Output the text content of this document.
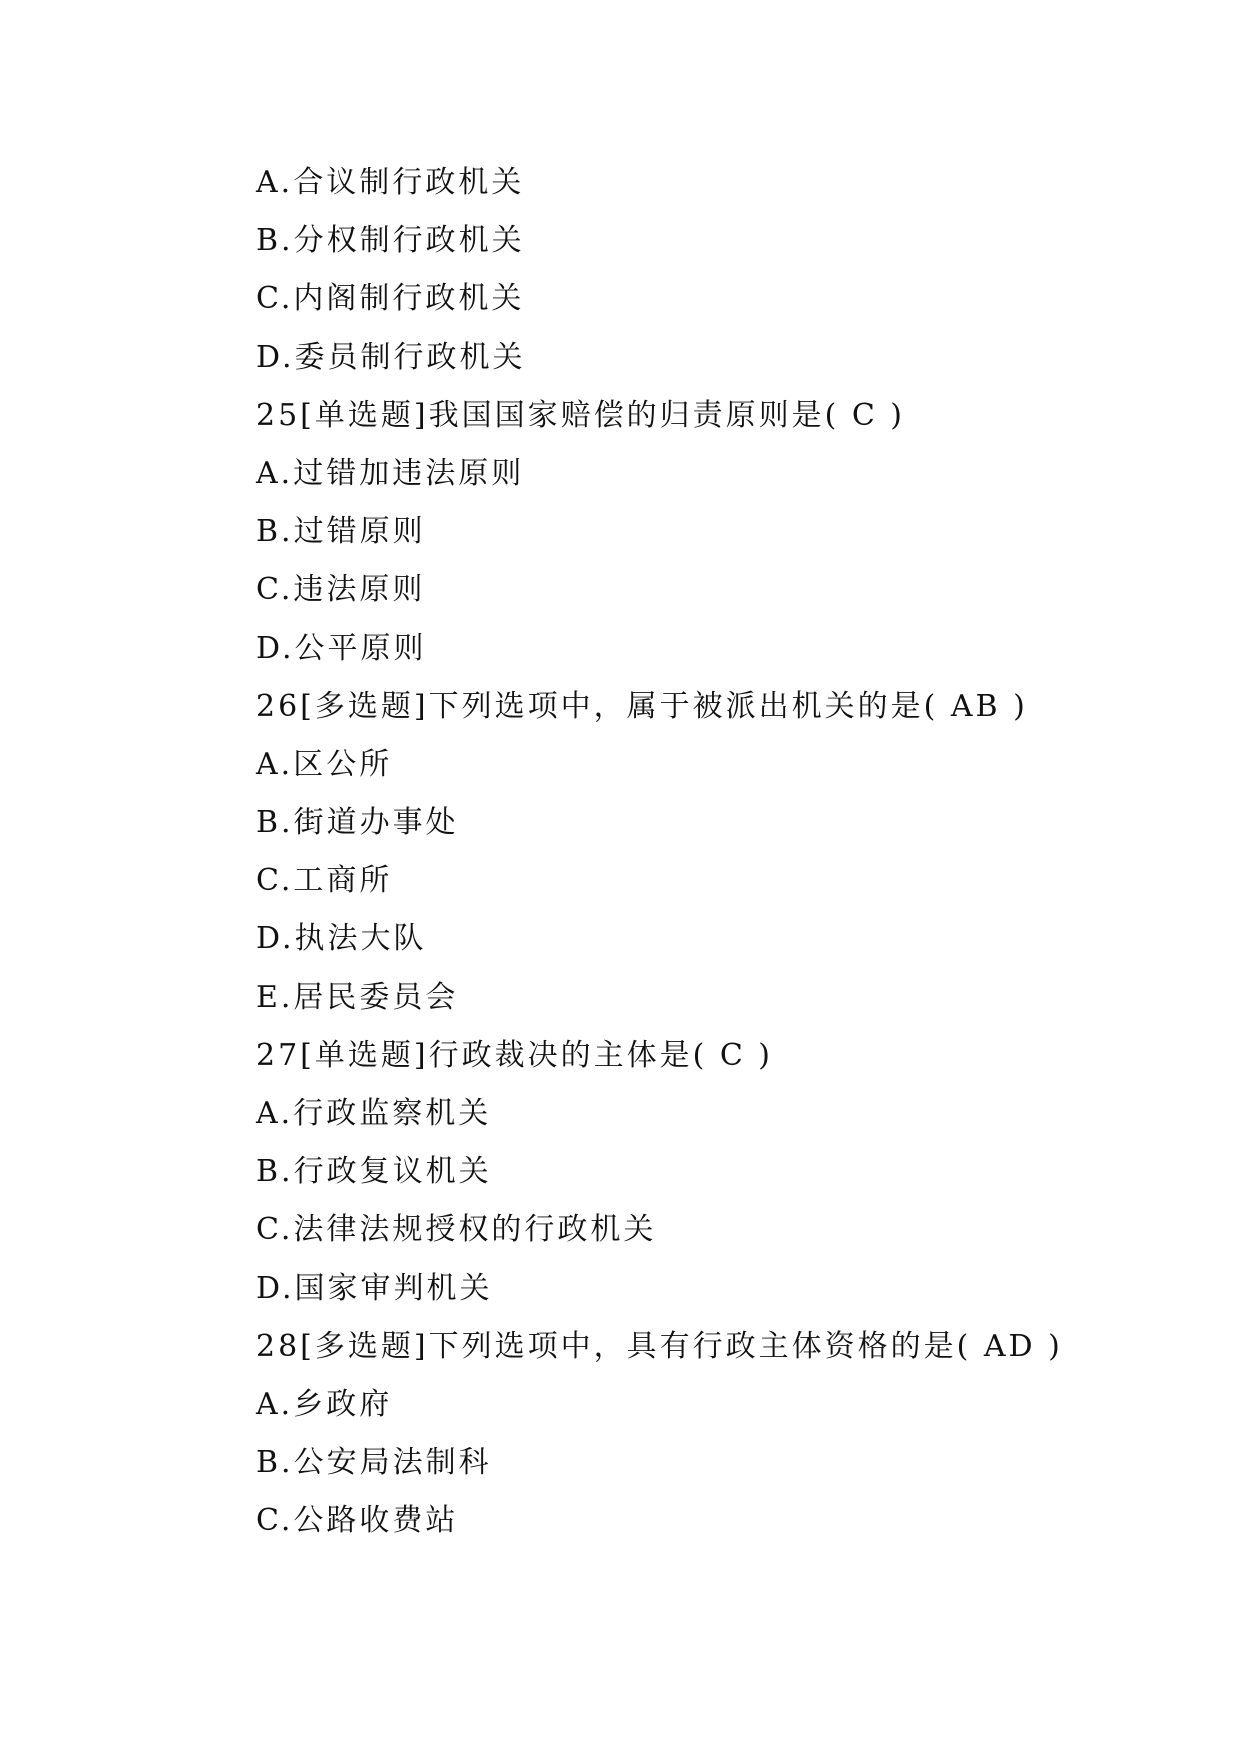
A.合议制行政机关
B.分权制行政机关
C.内阁制行政机关
D.委员制行政机关
25[单选题]我国国家赔偿的归责原则是( C )
A.过错加违法原则
B.过错原则
C.违法原则
D.公平原则
26[多选题]下列选项中，属于被派出机关的是( AB )
A.区公所
B.街道办事处
C.工商所
D.执法大队
E.居民委员会
27[单选题]行政裁决的主体是( C )
A.行政监察机关
B.行政复议机关
C.法律法规授权的行政机关
D.国家审判机关
28[多选题]下列选项中，具有行政主体资格的是( AD )
A.乡政府
B.公安局法制科
C.公路收费站
